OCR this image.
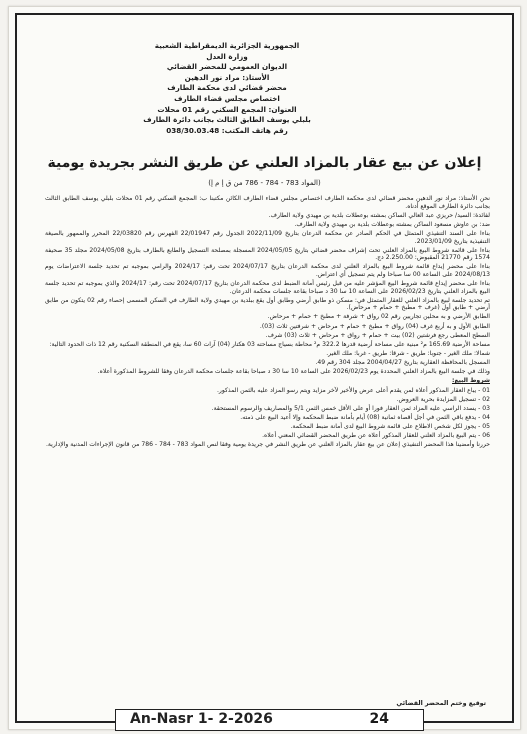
الجمهورية الجزائرية الديمقراطية الشعبية
وزارة العدل
الديوان العمومي للمحضر القضائي
الأستاذ: مراد نور الدهين
محضر قضائي لدى محكمة الطارف
اختصاص مجلس قضاء الطارف
العنوان: المجمع السكني رقم 01 محلات
بلبلي يوسف الطابق الثالث بجانب دائرة الطارف
رقم هاتف المكتب: 038/30.03.48
إعلان عن بيع عقار بالمزاد العلني عن طريق النشر بجريدة يومية
(المواد 783 - 784 - 786 من ق إ م إ)

نحن الأستاذ: مراد نور الدهين محضر قضائي لدى محكمة الطارف اختصاص مجلس قضاء الطارف الكائن مكتبنا ب: المجمع السكني رقم 01 محلات بلبلي يوسف الطابق الثالث بجانب دائرة الطارف الموقع أدناه.

لفائدة: السيد/ حريزي عبد العالي الساكن بمشته بوعطلات بلدية بن مهيدي ولاية الطارف.

ضد: بن عاوش مسعود الساكن بمشته بوعطلات بلدية بن مهيدي ولاية الطارف.

بناءا على السند التنفيذي المتمثل في الحكم الصادر عن محكمة الدرعان بتاريخ 2022/11/09 الجدول رقم 22/01947 الفهرس رقم 22/03820 المحرر والممهور بالصيغة التنفيذية بتاريخ 2023/01/09.

بناءا على قائمة شروط البيع بالمزاد العلني تحت إشراف محضر قضائي بتاريخ 2024/05/05 المسجلة بمصلحة التسجيل والطابع بالطارف بتاريخ 2024/05/08 مجلد 35 صحيفة 1574 رقم 21770 المقبوض: 2.250.00 دج.

بناءا على محضر إيداع قائمة شروط البيع بالمزاد العلني لدى محكمة الدرعان بتاريخ 2024/07/17 تحت رقم: 2024/17 والرامي بموجبه تم تحديد جلسة الاعتراضات يوم 2024/08/13 على الساعة 00 سا صباحا ولم يتم تسجيل أي اعتراض.

بناءا على محضر إيداع قائمة شروط البيع المؤشر عليه من قبل رئيس أمانة الضبط لدى محكمة الدرعان بتاريخ 2024/07/17 تحت رقم: 2024/17 والذي بموجبه تم تحديد جلسة البيع بالمزاد العلني بتاريخ 2026/02/23 على الساعة 10 سا 30 د صباحا بقاعة جلسات محكمة الدرعان.

تم تحديد جلسة لبيع بالمزاد العلني للعقار المتمثل في: مسكن ذو طابق أرضي وطابق أول يقع ببلدية بن مهيدي ولاية الطارف في السكن المسمى إحصاء رقم 02 يتكون من طابق أرضي + طابق أول (غرف + مطبخ + حمام + مرحاض).

الطابق الأرضي و به محلين تجاريين رقم 02 رواق + شرفة + مطبخ + حمام + مرحاض.

الطابق الأول و به أربع غرف (04) رواق + مطبخ + حمام + مرحاض + شرفتين ثلاث (03).

السطح المعطى رجع فرشتين (02) بيت + حمام + رواق + مرحاض + ثلاث (03) شرف.

مساحة الأرضية 165.69 م² مبنية على مساحة أرضية قدرها 322.2 م² محاطة بسياج مساحته 03 هكتار (04) آرات 60 سا، يقع في المنطقة السكنية رقم 12 ذات الحدود التالية:

شمالا: ملك الغير - جنوبا: طريق - شرقا: طريق - غربا: ملك الغير.

المسجل بالمحافظة العقارية بتاريخ 2004/04/27 مجلد 304 رقم 49.

وذلك في جلسة البيع بالمزاد العلني المحددة يوم 2026/02/23 على الساعة 10 سا 30 د صباحا بقاعة جلسات محكمة الدرعان وفقا للشروط المذكورة أعلاه.

شروط البيع:

01 - يباع العقار المذكور أعلاه لمن يقدم أعلى عرض والأخير لآخر مزايد ويتم رسو المزاد عليه بالثمن المذكور.

02 - تسجيل المزايدة بحرية العروض.

03 - يسدد الراسي عليه المزاد ثمن العقار فورا أو على الأقل خمس الثمن 5/1 والمصاريف والرسوم المستحقة.

04 - يدفع باقي الثمن في أجل أقصاه ثمانية (08) أيام بأمانة ضبط المحكمة وإلا أعيد البيع على ذمته.

05 - يجوز لكل شخص الاطلاع على قائمة شروط البيع لدى أمانة ضبط المحكمة.

06 - يتم البيع بالمزاد العلني للعقار المذكور أعلاه عن طريق المحضر القضائي المعني أعلاه.

حررنا وأمضينا هذا المحضر التنفيذي إعلان عن بيع عقار بالمزاد العلني عن طريق النشر في جريدة يومية وفقا لنص المواد 783 - 784 - 786 من قانون الإجراءات المدنية والإدارية.

توقيع وختم المحضر القضائي
An-Nasr 1- 2-2026	24
